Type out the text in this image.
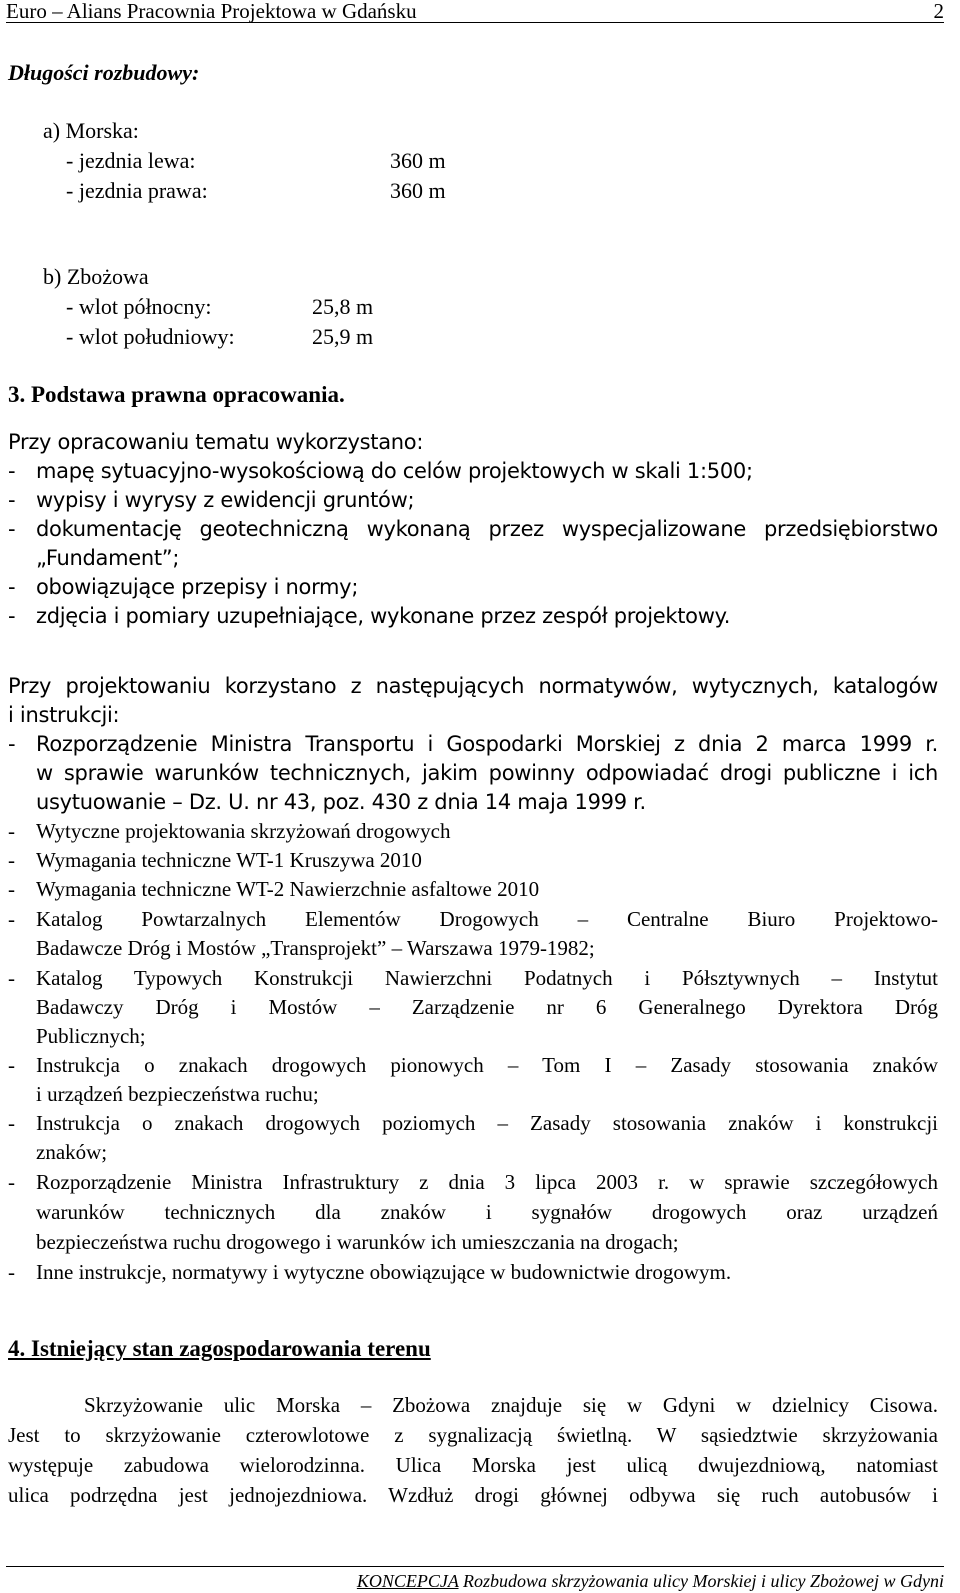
Euro – Alians Pracownia Projektowa w Gdańsku	2
Długości rozbudowy:
a) Morska:
- jezdnia lewa:	360 m
- jezdnia prawa:	360 m
b) Zbożowa
- wlot północny:	25,8 m
- wlot południowy:	25,9 m
3. Podstawa prawna opracowania.
Przy opracowaniu tematu wykorzystano:
- mapę sytuacyjno-wysokościową do celów projektowych w skali 1:500;
- wypisy i wyrysy z ewidencji gruntów;
- dokumentację geotechniczną wykonaną przez wyspecjalizowane przedsiębiorstwo
„Fundament”;
- obowiązujące przepisy i normy;
- zdjęcia i pomiary uzupełniające, wykonane przez zespół projektowy.
Przy projektowaniu korzystano z następujących normatywów, wytycznych, katalogów
i instrukcji:
- Rozporządzenie Ministra Transportu i Gospodarki Morskiej z dnia 2 marca 1999 r.
w sprawie warunków technicznych, jakim powinny odpowiadać drogi publiczne i ich
usytuowanie – Dz. U. nr 43, poz. 430 z dnia 14 maja 1999 r.
- Wytyczne projektowania skrzyżowań drogowych
- Wymagania techniczne WT-1 Kruszywa 2010
- Wymagania techniczne WT-2 Nawierzchnie asfaltowe 2010
- Katalog Powtarzalnych Elementów Drogowych – Centralne Biuro Projektowo-
Badawcze Dróg i Mostów „Transprojekt” – Warszawa 1979-1982;
- Katalog Typowych Konstrukcji Nawierzchni Podatnych i Półsztywnych – Instytut
Badawczy Dróg i Mostów – Zarządzenie nr 6 Generalnego Dyrektora Dróg
Publicznych;
- Instrukcja o znakach drogowych pionowych – Tom I – Zasady stosowania znaków
i urządzeń bezpieczeństwa ruchu;
- Instrukcja o znakach drogowych poziomych – Zasady stosowania znaków i konstrukcji
znaków;
- Rozporządzenie Ministra Infrastruktury z dnia 3 lipca 2003 r. w sprawie szczegółowych
warunków technicznych dla znaków i sygnałów drogowych oraz urządzeń
bezpieczeństwa ruchu drogowego i warunków ich umieszczania na drogach;
- Inne instrukcje, normatywy i wytyczne obowiązujące w budownictwie drogowym.
4. Istniejący stan zagospodarowania terenu
Skrzyżowanie ulic Morska – Zbożowa znajduje się w Gdyni w dzielnicy Cisowa.
Jest to skrzyżowanie czterowlotowe z sygnalizacją świetlną. W sąsiedztwie skrzyżowania
występuje zabudowa wielorodzinna. Ulica Morska jest ulicą dwujezdniową, natomiast
ulica podrzędna jest jednojezdniowa. Wzdłuż drogi głównej odbywa się ruch autobusów i
KONCEPCJA Rozbudowa skrzyżowania ulicy Morskiej i ulicy Zbożowej w Gdyni
